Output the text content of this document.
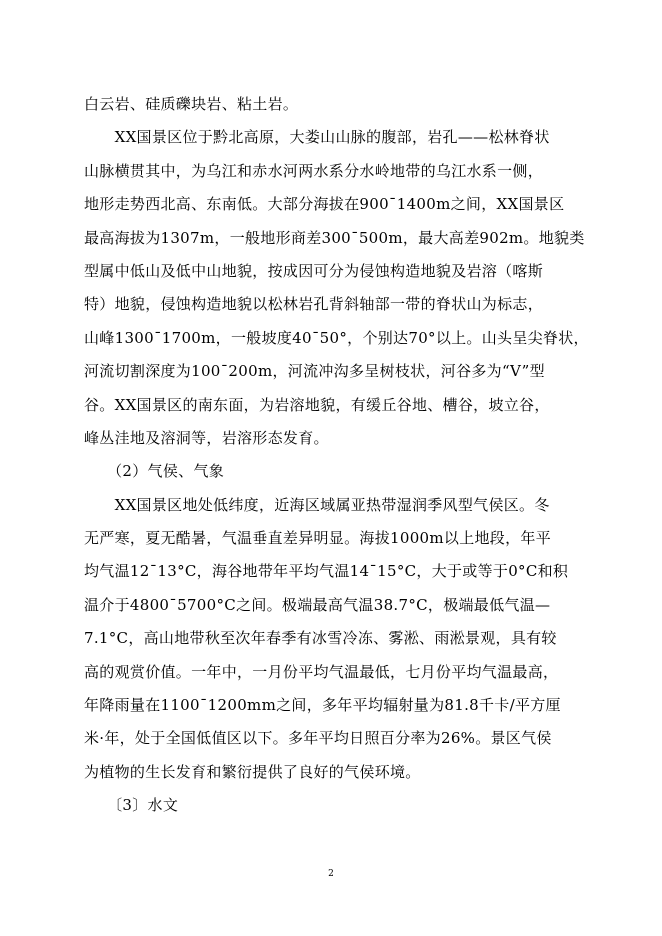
白云岩、硅质礫块岩、粘土岩。
　　XX国景区位于黔北高原，大娄山山脉的腹部，岩孔——松林脊状
山脉横贯其中，为乌江和赤水河两水系分水岭地带的乌江水系一侧，
地形走势西北高、东南低。大部分海拔在900¯1400m之间，XX国景区
最高海拔为1307m，一般地形商差300¯500m，最大高差902m。地貌类
型属中低山及低中山地貌，按成因可分为侵蚀构造地貌及岩溶（喀斯
特）地貌，侵蚀构造地貌以松林岩孔背斜轴部一带的脊状山为标志，
山峰1300¯1700m，一般坡度40¯50°，个别达70°以上。山头呈尖脊状，
河流切割深度为100¯200m，河流冲沟多呈树枝状，河谷多为“V”型
谷。XX国景区的南东面，为岩溶地貌，有缓丘谷地、槽谷，坡立谷，
峰丛洼地及溶洞等，岩溶形态发育。
　　（2）气侯、气象
　　XX国景区地处低纬度，近海区域属亚热带湿润季风型气侯区。冬
无严寒，夏无酷暑，气温垂直差异明显。海拔1000m以上地段，年平
均气温12¯13°C，海谷地带年平均气温14¯15°C，大于或等于0°C和积
温介于4800¯5700°C之间。极端最高气温38.7°C，极端最低气温—
7.1°C，高山地带秋至次年春季有冰雪冷冻、雾淞、雨淞景观，具有较
高的观赏价值。一年中，一月份平均气温最低，七月份平均气温最高，
年降雨量在1100¯1200mm之间，多年平均辐射量为81.8千卡/平方厘
米·年，处于全国低值区以下。多年平均日照百分率为26%。景区气侯
为植物的生长发育和繁衍提供了良好的气侯环境。
　　〔3〕水文
2
